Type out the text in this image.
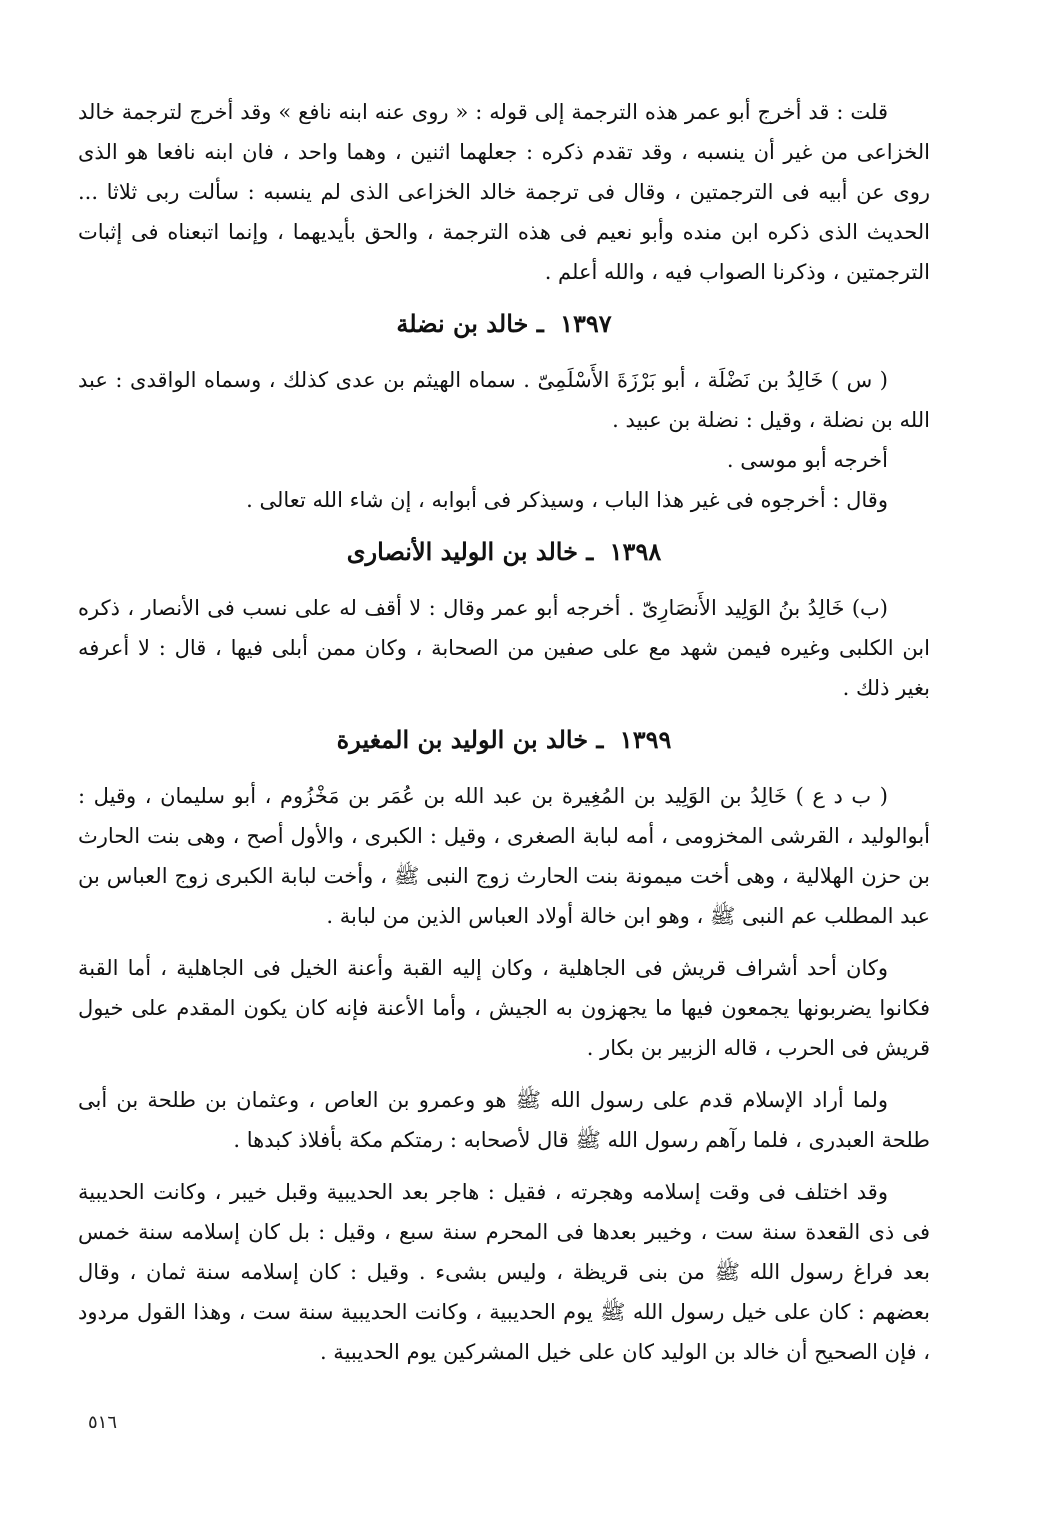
قلت : قد أخرج أبو عمر هذه الترجمة إلى قوله : « روى عنه ابنه نافع » وقد أخرج لترجمة خالد الخزاعى من غير أن ينسبه ، وقد تقدم ذكره : جعلهما اثنين ، وهما واحد ، فان ابنه نافعا هو الذى روى عن أبيه فى الترجمتين ، وقال فى ترجمة خالد الخزاعى الذى لم ينسبه : سألت ربى ثلاثا ... الحديث الذى ذكره ابن منده وأبو نعيم فى هذه الترجمة ، والحق بأيديهما ، وإنما اتبعناه فى إثبات الترجمتين ، وذكرنا الصواب فيه ، والله أعلم .

١٣٩٧ ـ خالد بن نضلة

( س ) خَالِدُ بن نَضْلَة ، أبو بَرْزَةَ الأَسْلَمِىّ . سماه الهيثم بن عدى كذلك ، وسماه الواقدى : عبد الله بن نضلة ، وقيل : نضلة بن عبيد .

أخرجه أبو موسى .

وقال : أخرجوه فى غير هذا الباب ، وسيذكر فى أبوابه ، إن شاء الله تعالى .

١٣٩٨ ـ خالد بن الوليد الأنصارى

(ب) خَالِدُ بنُ الوَلِيد الأَنصَارِىّ . أخرجه أبو عمر وقال : لا أقف له على نسب فى الأنصار ، ذكره ابن الكلبى وغيره فيمن شهد مع على صفين من الصحابة ، وكان ممن أبلى فيها ، قال : لا أعرفه بغير ذلك .

١٣٩٩ ـ خالد بن الوليد بن المغيرة

( ب د ع ) خَالِدُ بن الوَلِيد بن المُغِيرة بن عبد الله بن عُمَر بن مَخْزُوم ، أبو سليمان ، وقيل : أبوالوليد ، القرشى المخزومى ، أمه لبابة الصغرى ، وقيل : الكبرى ، والأول أصح ، وهى بنت الحارث بن حزن الهلالية ، وهى أخت ميمونة بنت الحارث زوج النبى ﷺ ، وأخت لبابة الكبرى زوج العباس بن عبد المطلب عم النبى ﷺ ، وهو ابن خالة أولاد العباس الذين من لبابة .

وكان أحد أشراف قريش فى الجاهلية ، وكان إليه القبة وأعنة الخيل فى الجاهلية ، أما القبة فكانوا يضربونها يجمعون فيها ما يجهزون به الجيش ، وأما الأعنة فإنه كان يكون المقدم على خيول قريش فى الحرب ، قاله الزبير بن بكار .

ولما أراد الإسلام قدم على رسول الله ﷺ هو وعمرو بن العاص ، وعثمان بن طلحة بن أبى طلحة العبدرى ، فلما رآهم رسول الله ﷺ قال لأصحابه : رمتكم مكة بأفلاذ كبدها .

وقد اختلف فى وقت إسلامه وهجرته ، فقيل : هاجر بعد الحديبية وقبل خيبر ، وكانت الحديبية فى ذى القعدة سنة ست ، وخيبر بعدها فى المحرم سنة سبع ، وقيل : بل كان إسلامه سنة خمس بعد فراغ رسول الله ﷺ من بنى قريظة ، وليس بشىء . وقيل : كان إسلامه سنة ثمان ، وقال بعضهم : كان على خيل رسول الله ﷺ يوم الحديبية ، وكانت الحديبية سنة ست ، وهذا القول مردود ، فإن الصحيح أن خالد بن الوليد كان على خيل المشركين يوم الحديبية .

٥١٦
